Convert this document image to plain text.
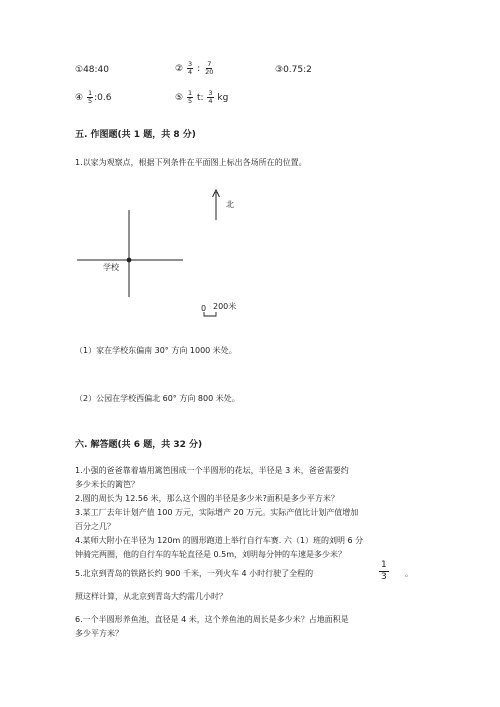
①48:40	② $\frac{3}{4}$ : $\frac{7}{20}$	③0.75:2
④ $\frac{1}{5}$ :0.6	⑤ $\frac{1}{5} t$: $\frac{3}{4}$ kg
五. 作图题(共 1 题，共 8 分)
1.以家为观察点，根据下列条件在平面图上标出各场所在的位置。
北
学校
0 200米
（1）家在学校东偏南 30° 方向 1000 米处。
（2）公园在学校西偏北 60° 方向 800 米处。
六. 解答题(共 6 题，共 32 分)
1.小强的爸爸靠着墙用篱笆围成一个半圆形的花坛，半径是 3 米，爸爸需要约
多少米长的篱笆？
2.圆的周长为 12.56 米，那么这个圆的半径是多少米?面积是多少平方米？
3.某工厂去年计划产值 100 万元，实际增产 20 万元。实际产值比计划产值增加
百分之几？
4.某师大附小在半径为 120m 的圆形跑道上举行自行车赛. 六（1）班的刘明 6 分
钟骑完两圈，他的自行车的车轮直径是 0.5m，刘明每分钟的车速是多少米？
5.北京到青岛的铁路长约 900 千米，一列火车 4 小时行驶了全程的	$\frac{1}{3}$ 。
照这样计算，从北京到青岛大约需几小时？
6.一个半圆形养鱼池，直径是 4 米，这个养鱼池的周长是多少米？占地面积是
多少平方米？
